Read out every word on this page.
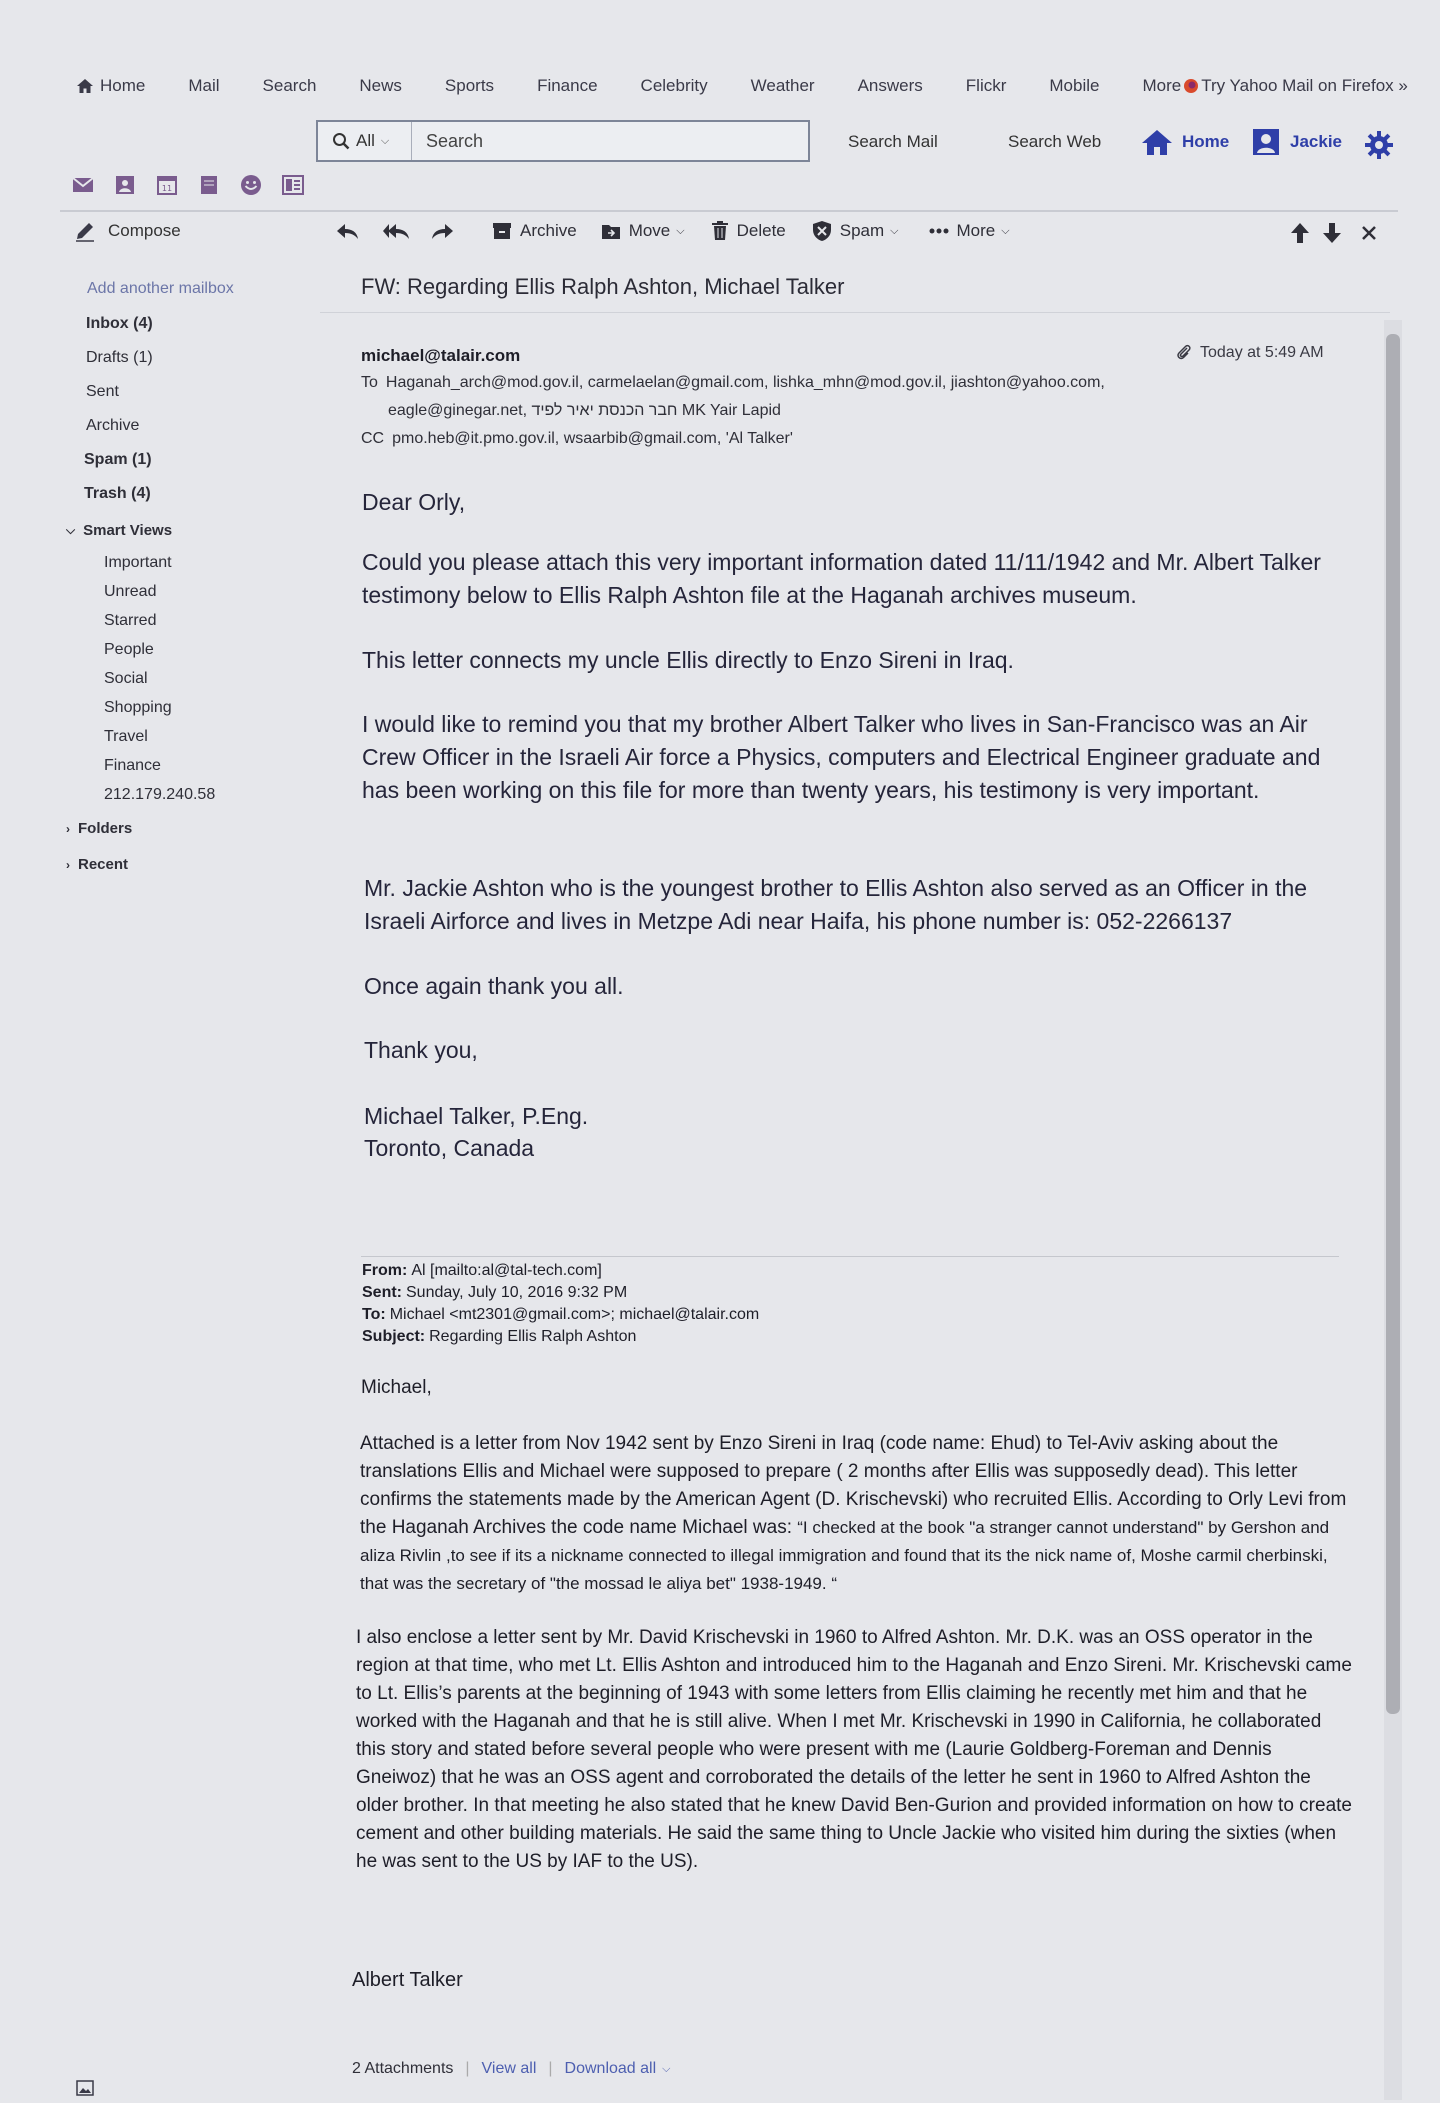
Home	Mail	Search	News	Sports	Finance	Celebrity	Weather	Answers	Flickr	Mobile	More Try Yahoo Mail on Firefox »
All ⌵
Search	Search Mail	Search Web	Home	Jackie
11
Compose	Archive	Move ⌵	Delete	Spam ⌵	More ⌵
Add another mailbox
Inbox (4)
Drafts (1)
Sent
Archive
Spam (1)
Trash (4)
⌵ Smart Views
Important
Unread
Starred
People
Social
Shopping
Travel
Finance
212.179.240.58
› Folders
› Recent
FW: Regarding Ellis Ralph Ashton, Michael Talker
michael@talair.com	Today at 5:49 AM
To Haganah_arch@mod.gov.il, carmelaelan@gmail.com, lishka_mhn@mod.gov.il, jiashton@yahoo.com,
eagle@ginegar.net, חבר הכנסת יאיר לפיד MK Yair Lapid
CC pmo.heb@it.pmo.gov.il, wsaarbib@gmail.com, 'Al Talker'

Dear Orly,

Could you please attach this very important information dated 11/11/1942 and Mr. Albert Talker testimony below to Ellis Ralph Ashton file at the Haganah archives museum.

This letter connects my uncle Ellis directly to Enzo Sireni in Iraq.

I would like to remind you that my brother Albert Talker who lives in San-Francisco was an Air Crew Officer in the Israeli Air force a Physics, computers and Electrical Engineer graduate and has been working on this file for more than twenty years, his testimony is very important.

Mr. Jackie Ashton who is the youngest brother to Ellis Ashton also served as an Officer in the Israeli Airforce and lives in Metzpe Adi near Haifa, his phone number is: 052-2266137

Once again thank you all.

Thank you,

Michael Talker, P.Eng.

Toronto, Canada

From: Al [mailto:al@tal-tech.com]
Sent: Sunday, July 10, 2016 9:32 PM
To: Michael <mt2301@gmail.com>; michael@talair.com
Subject: Regarding Ellis Ralph Ashton
Michael,
Attached is a letter from Nov 1942 sent by Enzo Sireni in Iraq (code name: Ehud) to Tel-Aviv asking about the translations Ellis and Michael were supposed to prepare ( 2 months after Ellis was supposedly dead). This letter confirms the statements made by the American Agent (D. Krischevski) who recruited Ellis. According to Orly Levi from the Haganah Archives the code name Michael was: “I checked at the book "a stranger cannot understand" by Gershon and aliza Rivlin ,to see if its a nickname connected to illegal immigration and found that its the nick name of, Moshe carmil cherbinski, that was the secretary of "the mossad le aliya bet" 1938-1949. “
I also enclose a letter sent by Mr. David Krischevski in 1960 to Alfred Ashton. Mr. D.K. was an OSS operator in the region at that time, who met Lt. Ellis Ashton and introduced him to the Haganah and Enzo Sireni. Mr. Krischevski came to Lt. Ellis’s parents at the beginning of 1943 with some letters from Ellis claiming he recently met him and that he worked with the Haganah and that he is still alive. When I met Mr. Krischevski in 1990 in California, he collaborated this story and stated before several people who were present with me (Laurie Goldberg-Foreman and Dennis Gneiwoz) that he was an OSS agent and corroborated the details of the letter he sent in 1960 to Alfred Ashton the older brother. In that meeting he also stated that he knew David Ben-Gurion and provided information on how to create cement and other building materials. He said the same thing to Uncle Jackie who visited him during the sixties (when he was sent to the US by IAF to the US).
Albert Talker
2 Attachments | View all | Download all ⌵
